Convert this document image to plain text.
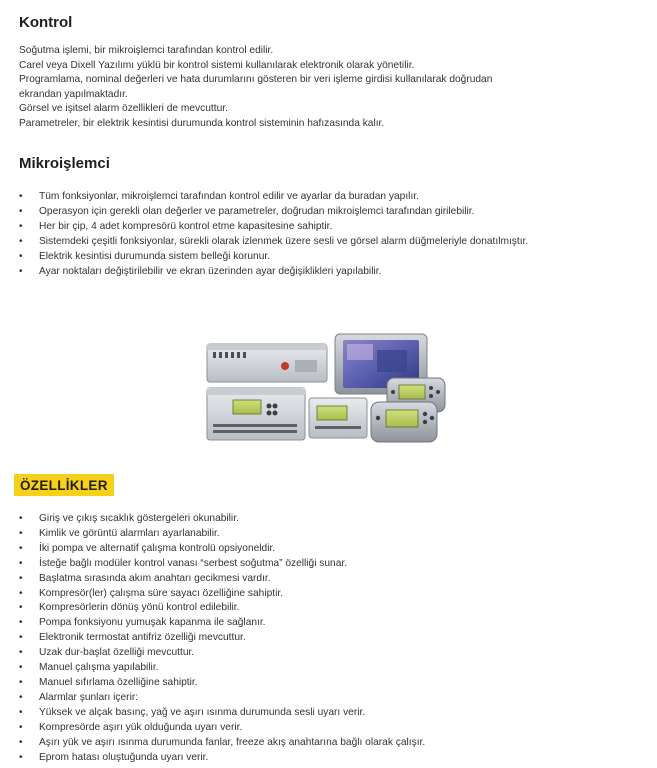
Kontrol

Soğutma işlemi, bir mikroişlemci tarafından kontrol edilir.

Carel veya Dixell Yazılımı yüklü bir kontrol sistemi kullanılarak elektronik olarak yönetilir.

Programlama, nominal değerleri ve hata durumlarını gösteren bir veri işleme girdisi kullanılarak doğrudan

ekrandan yapılmaktadır.

Görsel ve işitsel alarm özellikleri de mevcuttur.

Parametreler, bir elektrik kesintisi durumunda kontrol sisteminin hafızasında kalır.

Mikroişlemci
• Tüm fonksiyonlar, mikroişlemci tarafından kontrol edilir ve ayarlar da buradan yapılır.
• Operasyon için gerekli olan değerler ve parametreler, doğrudan mikroişlemci tarafından girilebilir.
• Her bir çip, 4 adet kompresörü kontrol etme kapasitesine sahiptir.
• Sistemdeki çeşitli fonksiyonlar, sürekli olarak izlenmek üzere sesli ve görsel alarm düğmeleriyle donatılmıştır.
• Elektrik kesintisi durumunda sistem belleği korunur.
• Ayar noktaları değiştirilebilir ve ekran üzerinden ayar değişiklikleri yapılabilir.
ÖZELLİKLER
• Giriş ve çıkış sıcaklık göstergeleri okunabilir.
• Kimlik ve görüntü alarmları ayarlanabilir.
• İki pompa ve alternatif çalışma kontrolü opsiyoneldir.
• İsteğe bağlı modüler kontrol vanası “serbest soğutma” özelliği sunar.
• Başlatma sırasında akım anahtarı gecikmesi vardır.
• Kompresör(ler) çalışma süre sayacı özelliğine sahiptir.
• Kompresörlerin dönüş yönü kontrol edilebilir.
• Pompa fonksiyonu yumuşak kapanma ile sağlanır.
• Elektronik termostat antifriz özelliği mevcuttur.
• Uzak dur-başlat özelliği mevcuttur.
• Manuel çalışma yapılabilir.
• Manuel sıfırlama özelliğine sahiptir.
• Alarmlar şunları içerir:
• Yüksek ve alçak basınç, yağ ve aşırı ısınma durumunda sesli uyarı verir.
• Kompresörde aşırı yük olduğunda uyarı verir.
• Aşırı yük ve aşırı ısınma durumunda fanlar, freeze akış anahtarına bağlı olarak çalışır.
• Eprom hatası oluştuğunda uyarı verir.
